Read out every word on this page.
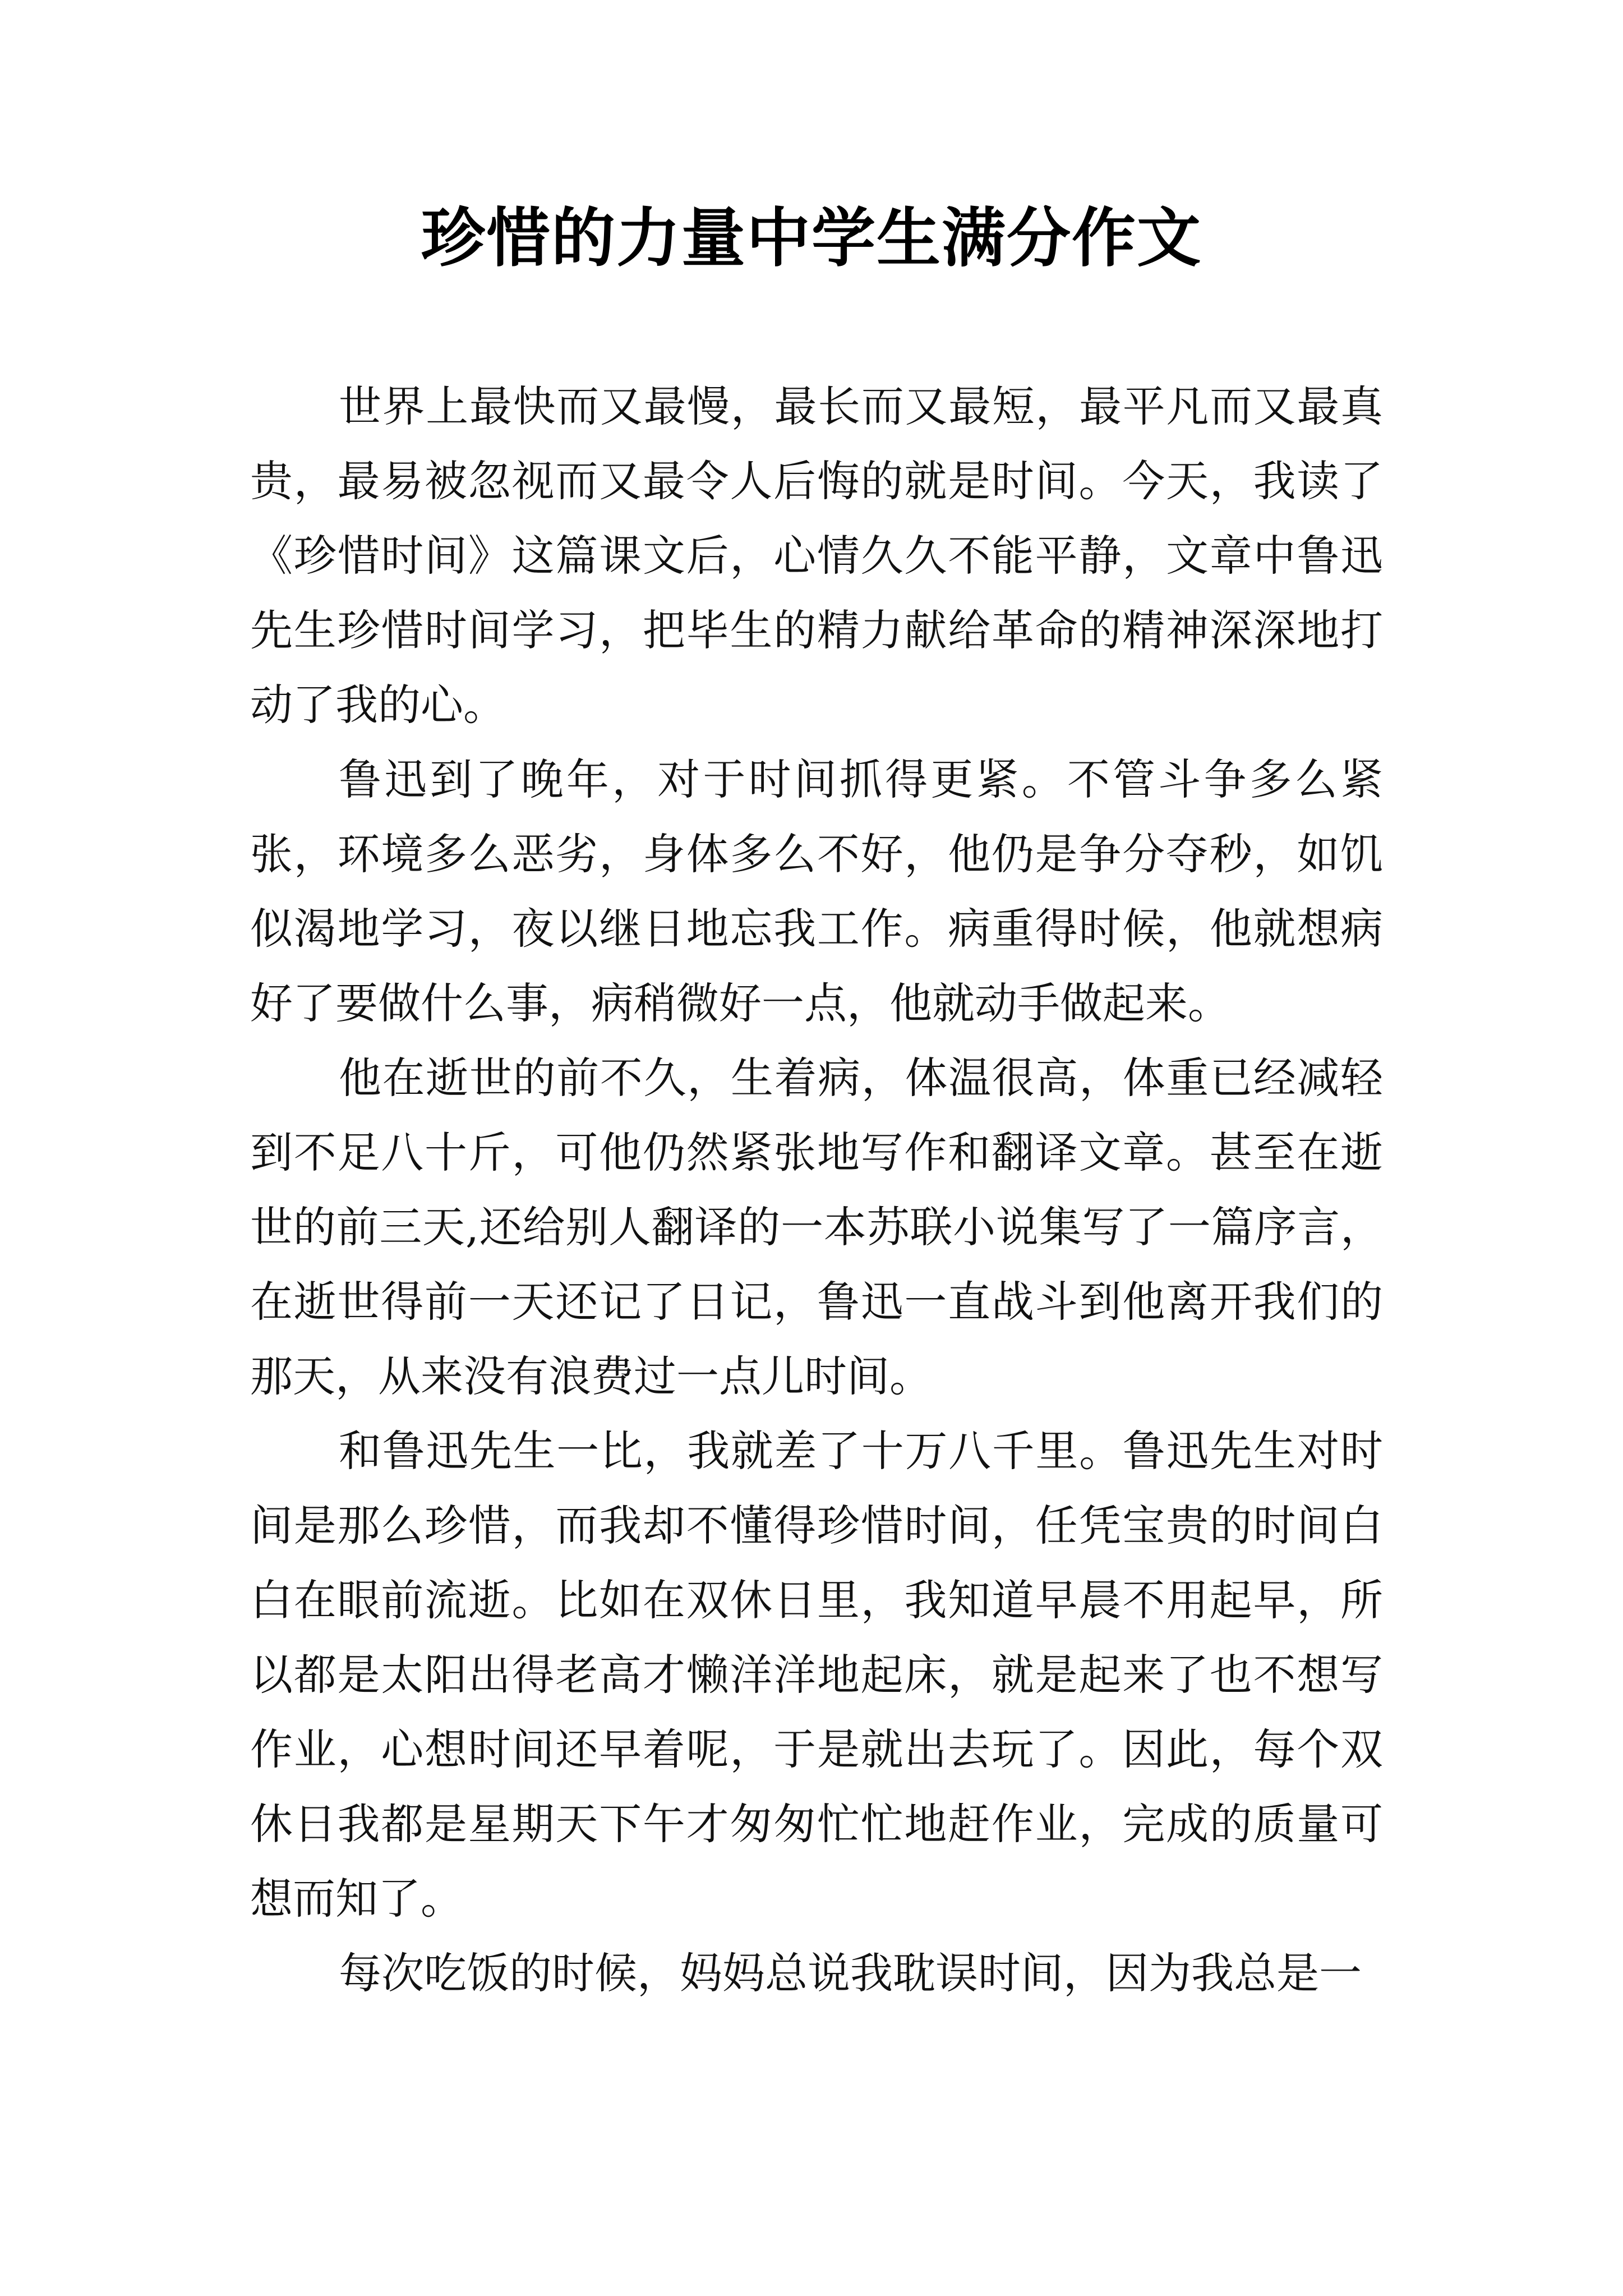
珍惜的力量中学生满分作文

世界上最快而又最慢，最长而又最短，最平凡而又最真贵，最易被忽视而又最令人后悔的就是时间。今天，我读了《珍惜时间》这篇课文后，心情久久不能平静，文章中鲁迅先生珍惜时间学习，把毕生的精力献给革命的精神深深地打动了我的心。

鲁迅到了晚年，对于时间抓得更紧。不管斗争多么紧张，环境多么恶劣，身体多么不好，他仍是争分夺秒，如饥似渴地学习，夜以继日地忘我工作。病重得时候，他就想病好了要做什么事，病稍微好一点，他就动手做起来。

他在逝世的前不久，生着病，体温很高，体重已经减轻到不足八十斤，可他仍然紧张地写作和翻译文章。甚至在逝世的前三天,还给别人翻译的一本苏联小说集写了一篇序言，在逝世得前一天还记了日记，鲁迅一直战斗到他离开我们的那天，从来没有浪费过一点儿时间。

和鲁迅先生一比，我就差了十万八千里。鲁迅先生对时间是那么珍惜，而我却不懂得珍惜时间，任凭宝贵的时间白白在眼前流逝。比如在双休日里，我知道早晨不用起早，所以都是太阳出得老高才懒洋洋地起床，就是起来了也不想写作业，心想时间还早着呢，于是就出去玩了。因此，每个双休日我都是星期天下午才匆匆忙忙地赶作业，完成的质量可想而知了。

每次吃饭的时候，妈妈总说我耽误时间，因为我总是一
